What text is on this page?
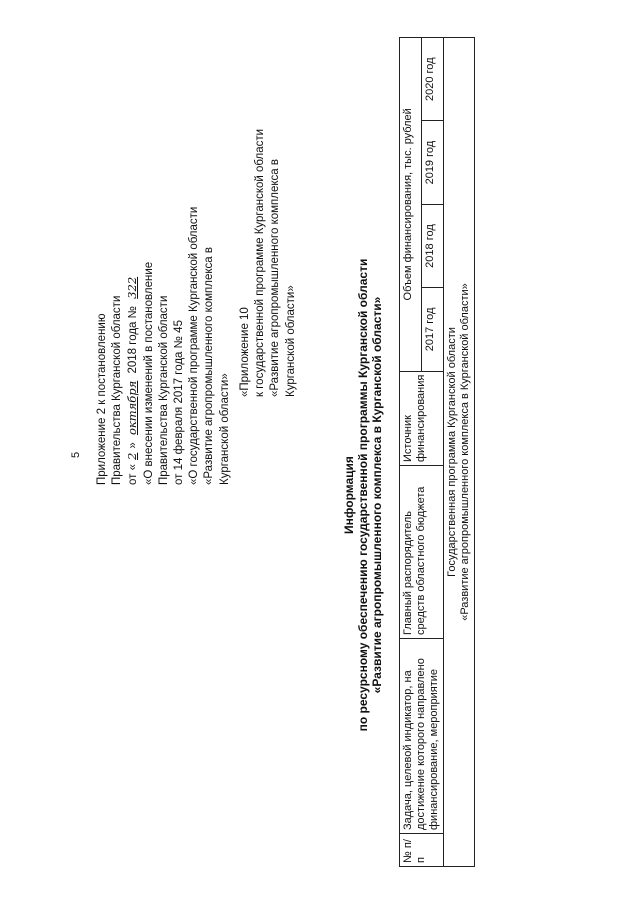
5 Приложение 2 к постановлению Правительства Курганской области от «2» октября 2018 года № 322 «О внесении изменений в постановление Правительства Курганской области от 14 февраля 2017 года № 45 «О государственной программе Курганской области «Развитие агропромышленного комплекса в Курганской области»
«Приложение 10 к государственной программе Курганской области «Развитие агропромышленного комплекса в Курганской области»
Информация по ресурсному обеспечению государственной программы Курганской области «Развитие агропромышленного комплекса в Курганской области»
№ п/п	Задача, целевой индикатор, на достижение которого направлено финансирование, мероприятие	Главный распорядитель средств областного бюджета	Источник финансирования	Объем финансирования, тыс. рублей			
				2017 год	2018 год	2019 год	2020 год

Государственная программа Курганской области «Развитие агропромышленного комплекса в Курганской области»							
